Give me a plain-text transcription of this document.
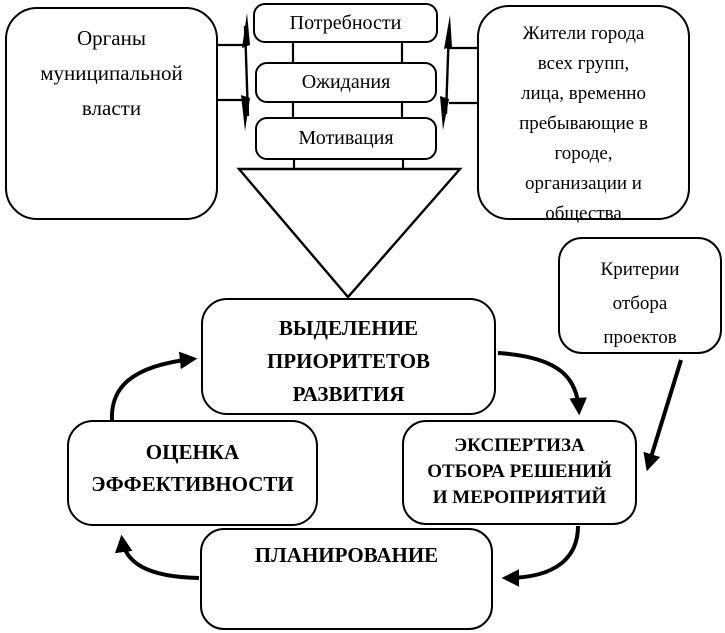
Органы
муниципальной
власти
Потребности
Ожидания
Мотивация
Жители города
всех групп,
лица, временно
пребывающие в
городе,
организации и
общества
Критерии
отбора
проектов
ВЫДЕЛЕНИЕ
ПРИОРИТЕТОВ
РАЗВИТИЯ
ОЦЕНКА
ЭФФЕКТИВНОСТИ
ЭКСПЕРТИЗА
ОТБОРА РЕШЕНИЙ
И МЕРОПРИЯТИЙ
ПЛАНИРОВАНИЕ
